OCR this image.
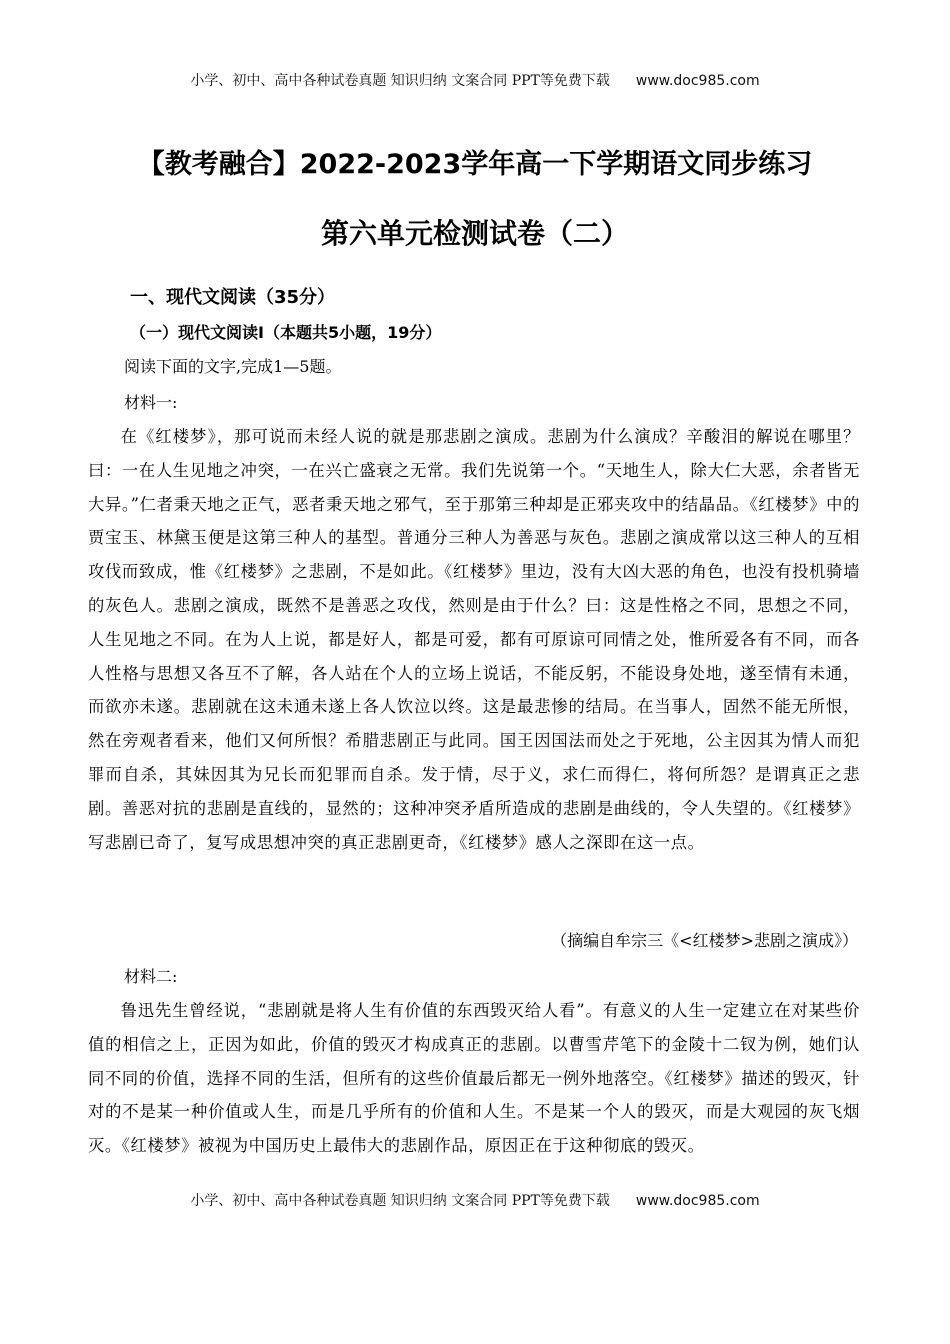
小学、初中、高中各种试卷真题 知识归纳 文案合同 PPT等免费下载 www.doc985.com
【教考融合】2022-2023学年高一下学期语文同步练习
第六单元检测试卷（二）
一、现代文阅读（35分）
（一）现代文阅读Ⅰ（本题共5小题，19分）
阅读下面的文字,完成1—5题。
材料一:
在《红楼梦》，那可说而未经人说的就是那悲剧之演成。悲剧为什么演成？辛酸泪的解说在哪里？曰：一在人生见地之冲突，一在兴亡盛衰之无常。我们先说第一个。“天地生人，除大仁大恶，余者皆无大异。”仁者秉天地之正气，恶者秉天地之邪气，至于那第三种却是正邪夹攻中的结晶品。《红楼梦》中的贾宝玉、林黛玉便是这第三种人的基型。普通分三种人为善恶与灰色。悲剧之演成常以这三种人的互相攻伐而致成，惟《红楼梦》之悲剧，不是如此。《红楼梦》里边，没有大凶大恶的角色，也没有投机骑墙的灰色人。悲剧之演成，既然不是善恶之攻伐，然则是由于什么？曰：这是性格之不同，思想之不同，人生见地之不同。在为人上说，都是好人，都是可爱，都有可原谅可同情之处，惟所爱各有不同，而各人性格与思想又各互不了解，各人站在个人的立场上说话，不能反躬，不能设身处地，遂至情有未通，而欲亦未遂。悲剧就在这未通未遂上各人饮泣以终。这是最悲惨的结局。在当事人，固然不能无所恨，然在旁观者看来，他们又何所恨？希腊悲剧正与此同。国王因国法而处之于死地，公主因其为情人而犯罪而自杀，其妹因其为兄长而犯罪而自杀。发于情，尽于义，求仁而得仁，将何所怨？是谓真正之悲剧。善恶对抗的悲剧是直线的，显然的；这种冲突矛盾所造成的悲剧是曲线的，令人失望的。《红楼梦》写悲剧已奇了，复写成思想冲突的真正悲剧更奇，《红楼梦》感人之深即在这一点。
（摘编自牟宗三《<红楼梦>悲剧之演成》）
材料二:
鲁迅先生曾经说，“悲剧就是将人生有价值的东西毁灭给人看”。有意义的人生一定建立在对某些价值的相信之上，正因为如此，价值的毁灭才构成真正的悲剧。以曹雪芹笔下的金陵十二钗为例，她们认同不同的价值，选择不同的生活，但所有的这些价值最后都无一例外地落空。《红楼梦》描述的毁灭，针对的不是某一种价值或人生，而是几乎所有的价值和人生。不是某一个人的毁灭，而是大观园的灰飞烟灭。《红楼梦》被视为中国历史上最伟大的悲剧作品，原因正在于这种彻底的毁灭。
小学、初中、高中各种试卷真题 知识归纳 文案合同 PPT等免费下载 www.doc985.com
